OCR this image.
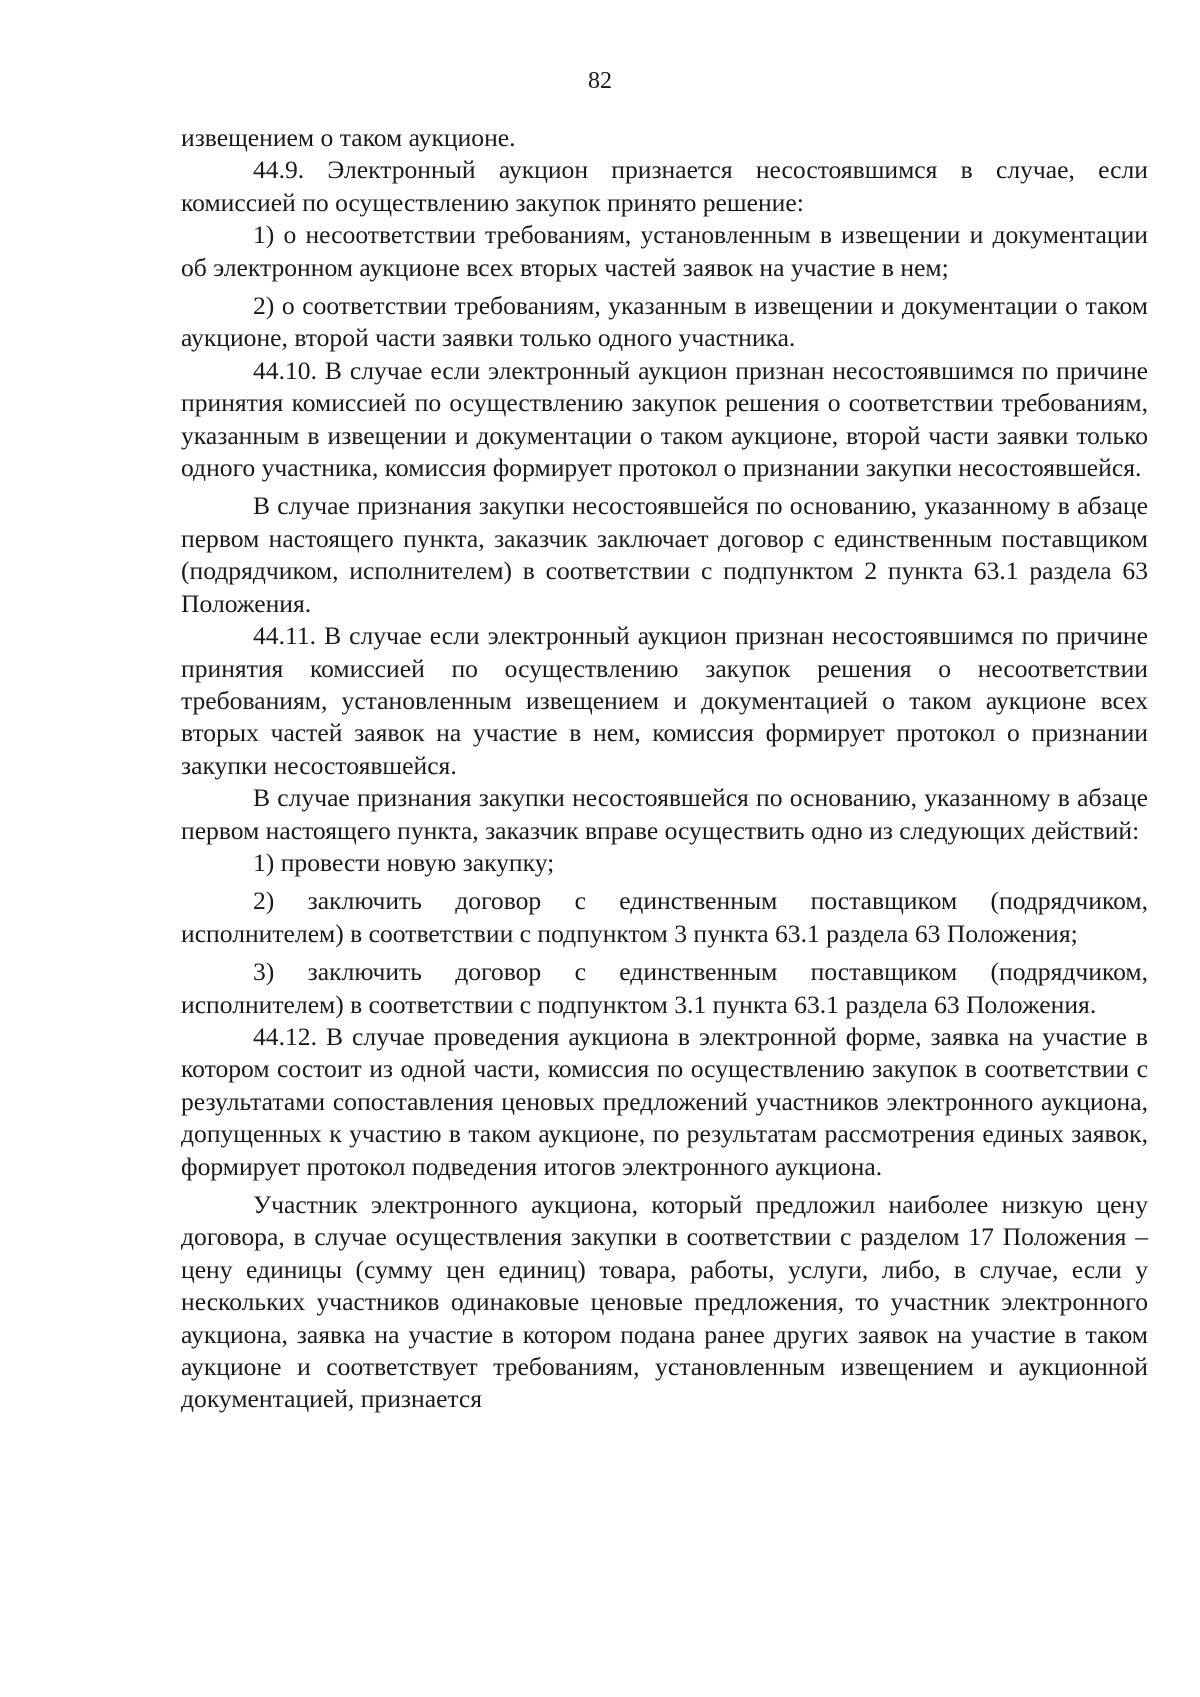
82

извещением о таком аукционе.

44.9. Электронный аукцион признается несостоявшимся в случае, если комиссией по осуществлению закупок принято решение:

1) о несоответствии требованиям, установленным в извещении и документации об электронном аукционе всех вторых частей заявок на участие в нем;

2) о соответствии требованиям, указанным в извещении и документации о таком аукционе, второй части заявки только одного участника.

44.10. В случае если электронный аукцион признан несостоявшимся по причине принятия комиссией по осуществлению закупок решения о соответствии требованиям, указанным в извещении и документации о таком аукционе, второй части заявки только одного участника, комиссия формирует протокол о признании закупки несостоявшейся.

В случае признания закупки несостоявшейся по основанию, указанному в абзаце первом настоящего пункта, заказчик заключает договор с единственным поставщиком (подрядчиком, исполнителем) в соответствии с подпунктом 2 пункта 63.1 раздела 63 Положения.

44.11. В случае если электронный аукцион признан несостоявшимся по причине принятия комиссией по осуществлению закупок решения о несоответствии требованиям, установленным извещением и документацией о таком аукционе всех вторых частей заявок на участие в нем, комиссия формирует протокол о признании закупки несостоявшейся.

В случае признания закупки несостоявшейся по основанию, указанному в абзаце первом настоящего пункта, заказчик вправе осуществить одно из следующих действий:

1) провести новую закупку;

2) заключить договор с единственным поставщиком (подрядчиком, исполнителем) в соответствии с подпунктом 3 пункта 63.1 раздела 63 Положения;

3) заключить договор с единственным поставщиком (подрядчиком, исполнителем) в соответствии с подпунктом 3.1 пункта 63.1 раздела 63 Положения.

44.12. В случае проведения аукциона в электронной форме, заявка на участие в котором состоит из одной части, комиссия по осуществлению закупок в соответствии с результатами сопоставления ценовых предложений участников электронного аукциона, допущенных к участию в таком аукционе, по результатам рассмотрения единых заявок, формирует протокол подведения итогов электронного аукциона.

Участник электронного аукциона, который предложил наиболее низкую цену договора, в случае осуществления закупки в соответствии с разделом 17 Положения – цену единицы (сумму цен единиц) товара, работы, услуги, либо, в случае, если у нескольких участников одинаковые ценовые предложения, то участник электронного аукциона, заявка на участие в котором подана ранее других заявок на участие в таком аукционе и соответствует требованиям, установленным извещением и аукционной документацией, признается
